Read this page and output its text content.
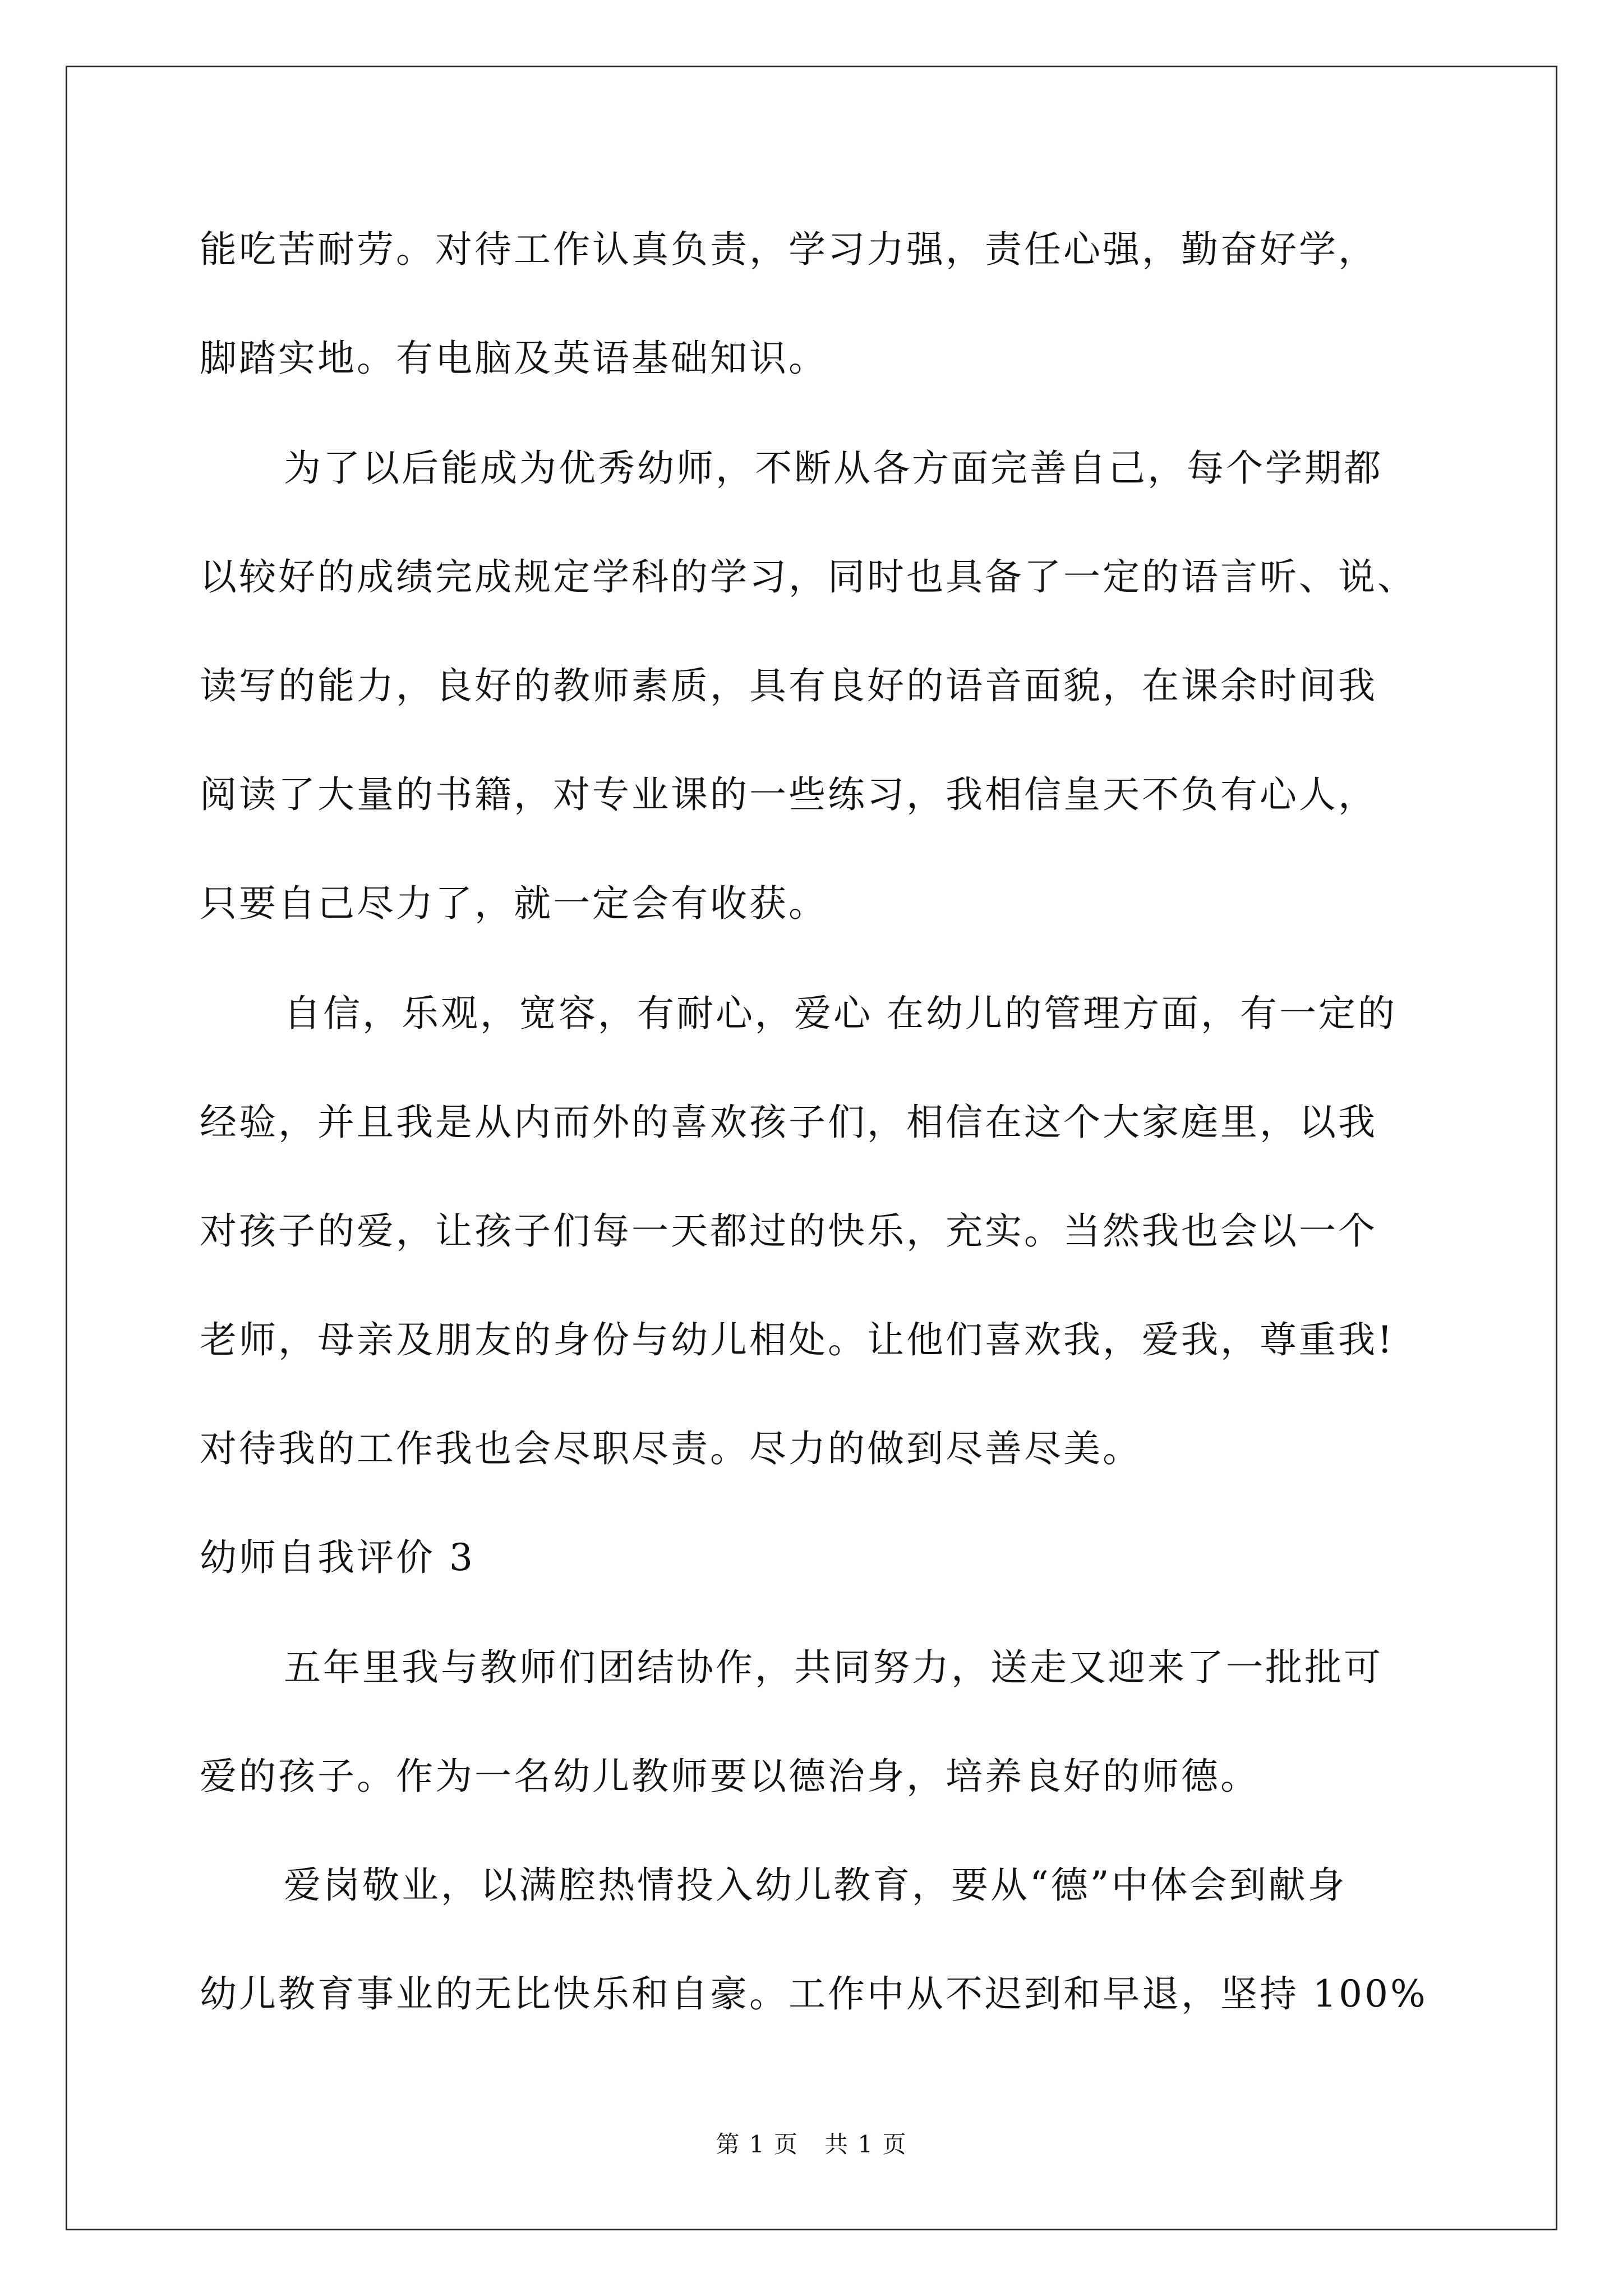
能吃苦耐劳。对待工作认真负责，学习力强，责任心强，勤奋好学，
脚踏实地。有电脑及英语基础知识。
为了以后能成为优秀幼师，不断从各方面完善自己，每个学期都
以较好的成绩完成规定学科的学习，同时也具备了一定的语言听、说、
读写的能力，良好的教师素质，具有良好的语音面貌，在课余时间我
阅读了大量的书籍，对专业课的一些练习，我相信皇天不负有心人，
只要自己尽力了，就一定会有收获。
自信，乐观，宽容，有耐心，爱心 在幼儿的管理方面，有一定的
经验，并且我是从内而外的喜欢孩子们，相信在这个大家庭里，以我
对孩子的爱，让孩子们每一天都过的快乐，充实。当然我也会以一个
老师，母亲及朋友的身份与幼儿相处。让他们喜欢我，爱我，尊重我!
对待我的工作我也会尽职尽责。尽力的做到尽善尽美。
幼师自我评价 3
五年里我与教师们团结协作，共同努力，送走又迎来了一批批可
爱的孩子。作为一名幼儿教师要以德治身，培养良好的师德。
爱岗敬业，以满腔热情投入幼儿教育，要从“德”中体会到献身
幼儿教育事业的无比快乐和自豪。工作中从不迟到和早退，坚持 100%
第 1 页   共 1 页
